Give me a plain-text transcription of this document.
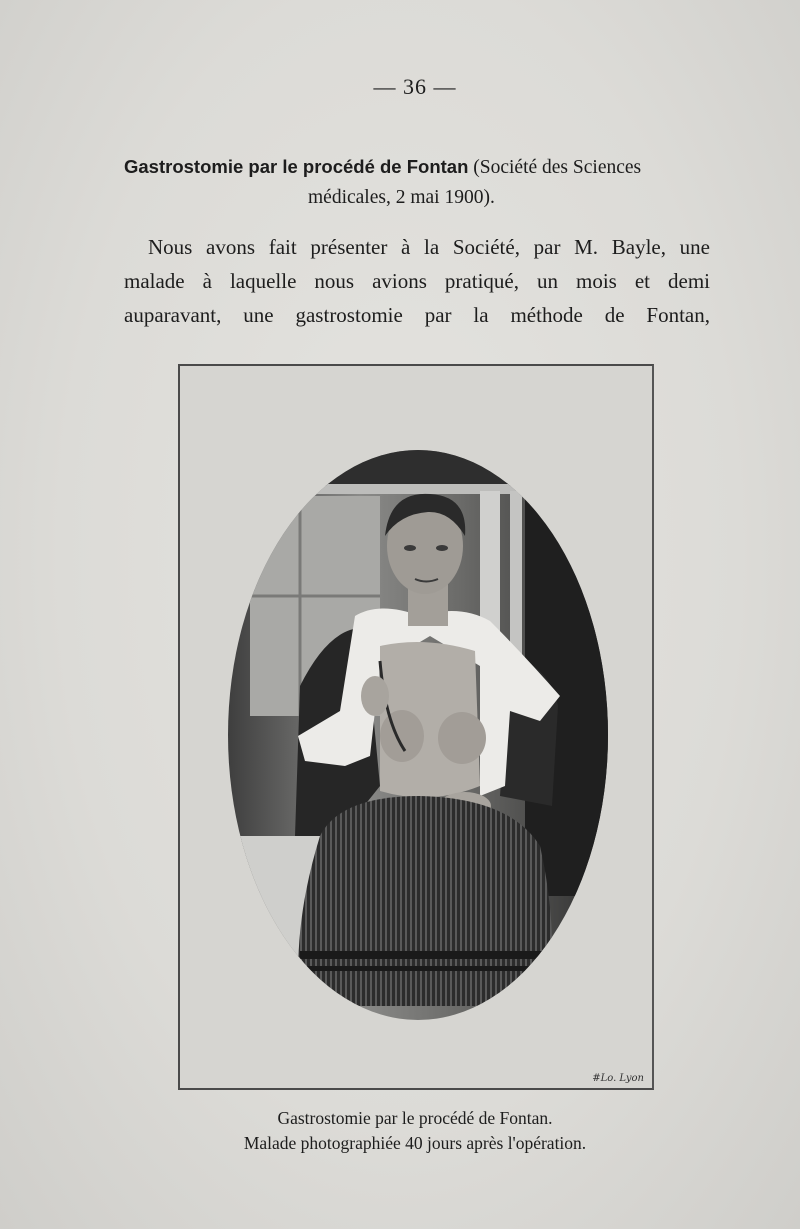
— 36 —
Gastrostomie par le procédé de Fontan (Société des Sciences
médicales, 2 mai 1900).
Nous avons fait présenter à la Société, par M. Bayle, une
malade à laquelle nous avions pratiqué, un mois et demi
auparavant, une gastrostomie par la méthode de Fontan,
#Lo. Lyon
Gastrostomie par le procédé de Fontan.
Malade photographiée 40 jours après l'opération.
